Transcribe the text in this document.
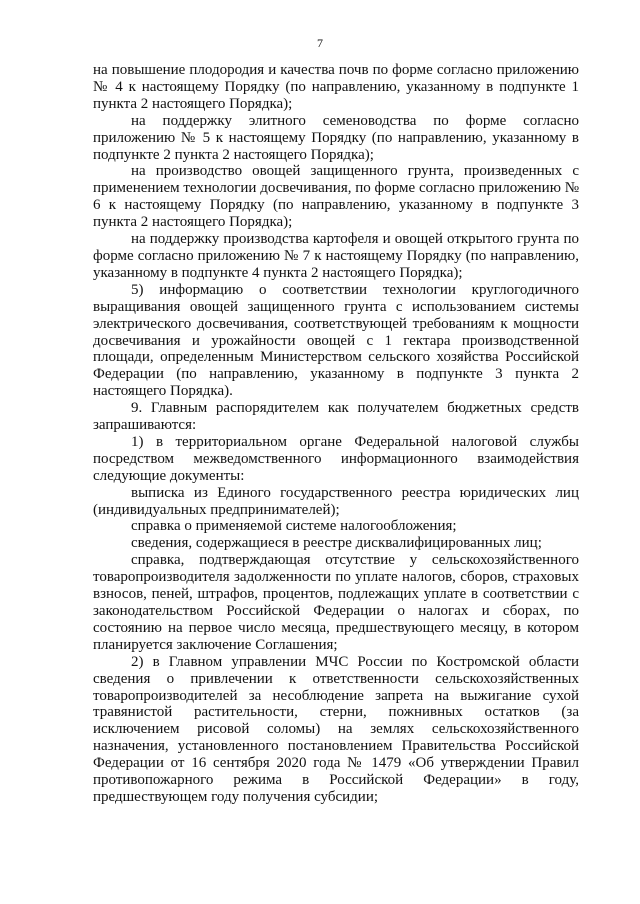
7

на повышение плодородия и качества почв по форме согласно приложению № 4 к настоящему Порядку (по направлению, указанному в подпункте 1 пункта 2 настоящего Порядка);

на поддержку элитного семеноводства по форме согласно приложению № 5 к настоящему Порядку (по направлению, указанному в подпункте 2 пункта 2 настоящего Порядка);

на производство овощей защищенного грунта, произведенных с применением технологии досвечивания, по форме согласно приложению № 6 к настоящему Порядку (по направлению, указанному в подпункте 3 пункта 2 настоящего Порядка);

на поддержку производства картофеля и овощей открытого грунта по форме согласно приложению № 7 к настоящему Порядку (по направлению, указанному в подпункте 4 пункта 2 настоящего Порядка);

5) информацию о соответствии технологии круглогодичного выращивания овощей защищенного грунта с использованием системы электрического досвечивания, соответствующей требованиям к мощности досвечивания и урожайности овощей с 1 гектара производственной площади, определенным Министерством сельского хозяйства Российской Федерации (по направлению, указанному в подпункте 3 пункта 2 настоящего Порядка).

9. Главным распорядителем как получателем бюджетных средств запрашиваются:

1) в территориальном органе Федеральной налоговой службы посредством межведомственного информационного взаимодействия следующие документы:

выписка из Единого государственного реестра юридических лиц (индивидуальных предпринимателей);

справка о применяемой системе налогообложения;

сведения, содержащиеся в реестре дисквалифицированных лиц;

справка, подтверждающая отсутствие у сельскохозяйственного товаропроизводителя задолженности по уплате налогов, сборов, страховых взносов, пеней, штрафов, процентов, подлежащих уплате в соответствии с законодательством Российской Федерации о налогах и сборах, по состоянию на первое число месяца, предшествующего месяцу, в котором планируется заключение Соглашения;

2) в Главном управлении МЧС России по Костромской области сведения о привлечении к ответственности сельскохозяйственных товаропроизводителей за несоблюдение запрета на выжигание сухой травянистой растительности, стерни, пожнивных остатков (за исключением рисовой соломы) на землях сельскохозяйственного назначения, установленного постановлением Правительства Российской Федерации от 16 сентября 2020 года № 1479 «Об утверждении Правил противопожарного режима в Российской Федерации» в году, предшествующем году получения субсидии;
